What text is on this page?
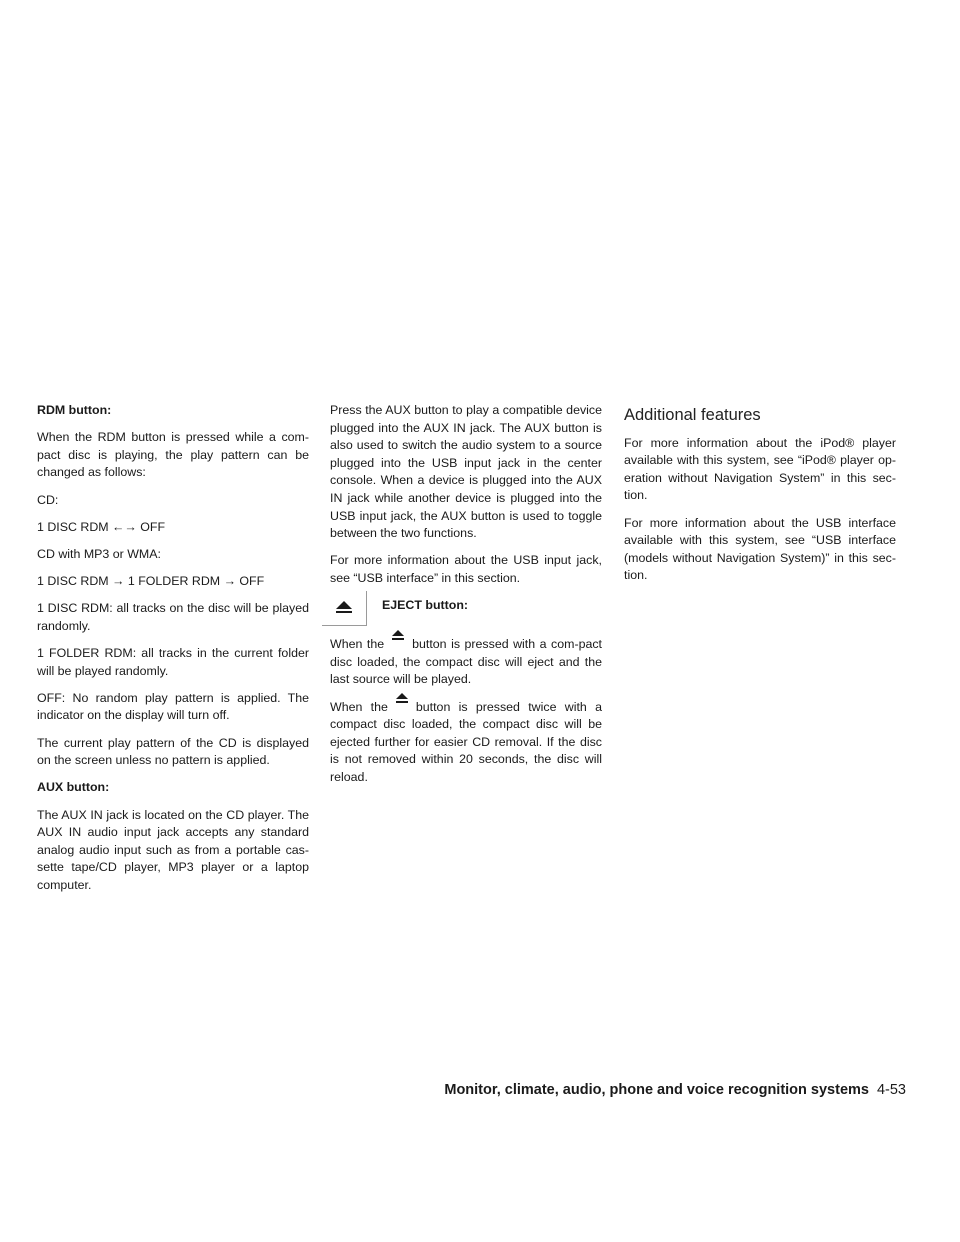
RDM button:

When the RDM button is pressed while a com-pact disc is playing, the play pattern can be changed as follows:

CD:

1 DISC RDM ←→ OFF

CD with MP3 or WMA:

1 DISC RDM → 1 FOLDER RDM → OFF

1 DISC RDM: all tracks on the disc will be played randomly.

1 FOLDER RDM: all tracks in the current folder will be played randomly.

OFF: No random play pattern is applied. The indicator on the display will turn off.

The current play pattern of the CD is displayed on the screen unless no pattern is applied.

AUX button:

The AUX IN jack is located on the CD player. The AUX IN audio input jack accepts any standard analog audio input such as from a portable cas-sette tape/CD player, MP3 player or a laptop computer.

Press the AUX button to play a compatible device plugged into the AUX IN jack. The AUX button is also used to switch the audio system to a source plugged into the USB input jack in the center console. When a device is plugged into the AUX IN jack while another device is plugged into the USB input jack, the AUX button is used to toggle between the two functions.

For more information about the USB input jack, see “USB interface” in this section.

EJECT button:

When the button is pressed with a com-pact disc loaded, the compact disc will eject and the last source will be played.

When the button is pressed twice with a compact disc loaded, the compact disc will be ejected further for easier CD removal. If the disc is not removed within 20 seconds, the disc will reload.

Additional features

For more information about the iPod® player available with this system, see “iPod® player op-eration without Navigation System” in this sec-tion.

For more information about the USB interface available with this system, see “USB interface (models without Navigation System)” in this sec-tion.

Monitor, climate, audio, phone and voice recognition systems 4-53
